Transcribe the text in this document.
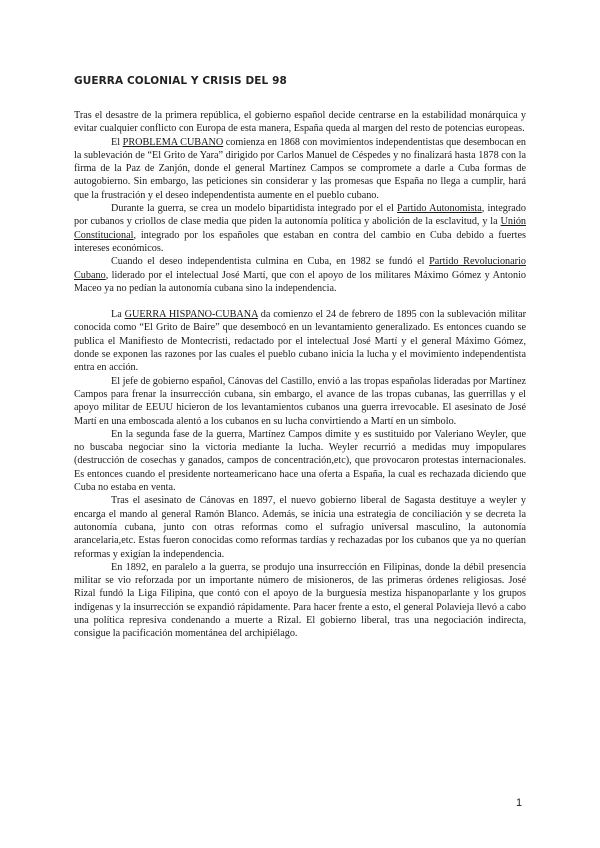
GUERRA COLONIAL Y CRISIS DEL 98

Tras el desastre de la primera república, el gobierno español decide centrarse en la estabilidad monárquica y evitar cualquier conflicto con Europa de esta manera, España queda al margen del resto de potencias europeas.

El PROBLEMA CUBANO comienza en 1868 con movimientos independentistas que desembocan en la sublevación de “El Grito de Yara” dirigido por Carlos Manuel de Céspedes y no finalizará hasta 1878 con la firma de la Paz de Zanjón, donde el general Martínez Campos se compromete a darle a Cuba formas de autogobierno. Sin embargo, las peticiones sin considerar y las promesas que España no llega a cumplir, hará que la frustración y el deseo independentista aumente en el pueblo cubano.

Durante la guerra, se crea un modelo bipartidista integrado por el el Partido Autonomista, integrado por cubanos y criollos de clase media que piden la autonomía política y abolición de la esclavitud, y la Unión Constitucional, integrado por los españoles que estaban en contra del cambio en Cuba debido a fuertes intereses económicos.

Cuando el deseo independentista culmina en Cuba, en 1982 se fundó el Partido Revolucionario Cubano, liderado por el intelectual José Martí, que con el apoyo de los militares Máximo Gómez y Antonio Maceo ya no pedían la autonomía cubana sino la independencia.

La GUERRA HISPANO-CUBANA da comienzo el 24 de febrero de 1895 con la sublevación militar conocida como “El Grito de Baire” que desembocó en un levantamiento generalizado. Es entonces cuando se publica el Manifiesto de Montecristi, redactado por el intelectual José Martí y el general Máximo Gómez, donde se exponen las razones por las cuales el pueblo cubano inicia la lucha y el movimiento independentista entra en acción.

El jefe de gobierno español, Cánovas del Castillo, envió a las tropas españolas lideradas por Martínez Campos para frenar la insurrección cubana, sin embargo, el avance de las tropas cubanas, las guerrillas y el apoyo militar de EEUU hicieron de los levantamientos cubanos una guerra irrevocable. El asesinato de José Martí en una emboscada alentó a los cubanos en su lucha convirtiendo a Martí en un símbolo.

En la segunda fase de la guerra, Martínez Campos dimite y es sustituido por Valeriano Weyler, que no buscaba negociar sino la victoria mediante la lucha. Weyler recurrió a medidas muy impopulares (destrucción de cosechas y ganados, campos de concentración,etc), que provocaron protestas internacionales. Es entonces cuando el presidente norteamericano hace una oferta a España, la cual es rechazada diciendo que Cuba no estaba en venta.

Tras el asesinato de Cánovas en 1897, el nuevo gobierno liberal de Sagasta destituye a weyler y encarga el mando al general Ramón Blanco. Además, se inicia una estrategia de conciliación y se decreta la autonomía cubana, junto con otras reformas como el sufragio universal masculino, la autonomía arancelaria,etc. Estas fueron conocidas como reformas tardías y rechazadas por los cubanos que ya no querían reformas y exigían la independencia.

En 1892, en paralelo a la guerra, se produjo una insurrección en Filipinas, donde la débil presencia militar se vio reforzada por un importante número de misioneros, de las primeras órdenes religiosas. José Rizal fundó la Liga Filipina, que contó con el apoyo de la burguesía mestiza hispanoparlante y los grupos indígenas y la insurrección se expandió rápidamente. Para hacer frente a esto, el general Polavieja llevó a cabo una política represiva condenando a muerte a Rizal. El gobierno liberal, tras una negociación indirecta, consigue la pacificación momentánea del archipiélago.

1
